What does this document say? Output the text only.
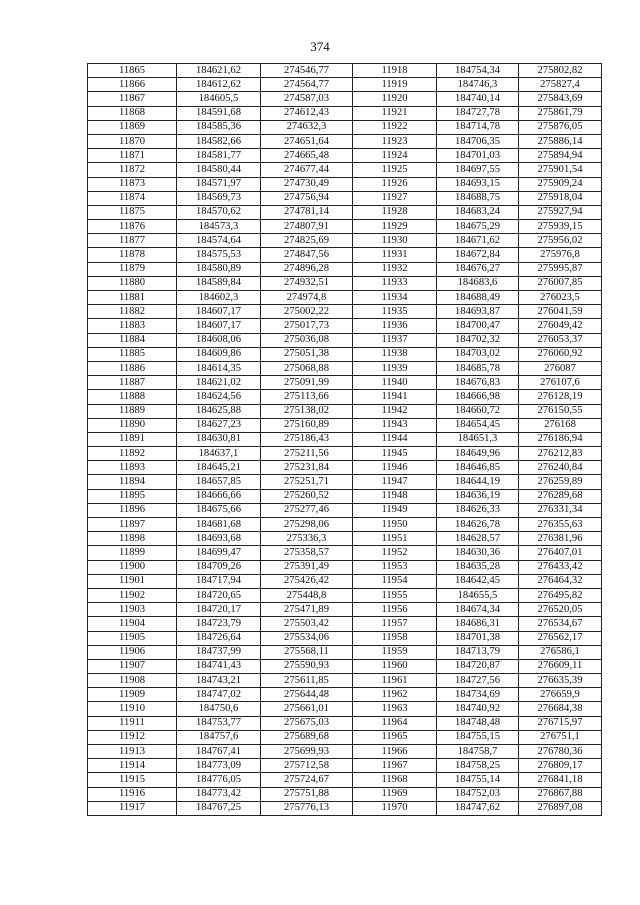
374
11865	184621,62	274546,77	11918	184754,34	275802,82
11866	184612,62	274564,77	11919	184746,3	275827,4
11867	184605,5	274587,03	11920	184740,14	275843,69
11868	184591,68	274612,43	11921	184727,78	275861,79
11869	184585,36	274632,3	11922	184714,78	275876,05
11870	184582,66	274651,64	11923	184706,35	275886,14
11871	184581,77	274665,48	11924	184701,03	275894,94
11872	184580,44	274677,44	11925	184697,55	275901,54
11873	184571,97	274730,49	11926	184693,15	275909,24
11874	184569,73	274756,94	11927	184688,75	275918,04
11875	184570,62	274781,14	11928	184683,24	275927,94
11876	184573,3	274807,91	11929	184675,29	275939,15
11877	184574,64	274825,69	11930	184671,62	275956,02
11878	184575,53	274847,56	11931	184672,84	275976,8
11879	184580,89	274896,28	11932	184676,27	275995,87
11880	184589,84	274932,51	11933	184683,6	276007,85
11881	184602,3	274974,8	11934	184688,49	276023,5
11882	184607,17	275002,22	11935	184693,87	276041,59
11883	184607,17	275017,73	11936	184700,47	276049,42
11884	184608,06	275036,08	11937	184702,32	276053,37
11885	184609,86	275051,38	11938	184703,02	276060,92
11886	184614,35	275068,88	11939	184685,78	276087
11887	184621,02	275091,99	11940	184676,83	276107,6
11888	184624,56	275113,66	11941	184666,98	276128,19
11889	184625,88	275138,02	11942	184660,72	276150,55
11890	184627,23	275160,89	11943	184654,45	276168
11891	184630,81	275186,43	11944	184651,3	276186,94
11892	184637,1	275211,56	11945	184649,96	276212,83
11893	184645,21	275231,84	11946	184646,85	276240,84
11894	184657,85	275251,71	11947	184644,19	276259,89
11895	184666,66	275260,52	11948	184636,19	276289,68
11896	184675,66	275277,46	11949	184626,33	276331,34
11897	184681,68	275298,06	11950	184626,78	276355,63
11898	184693,68	275336,3	11951	184628,57	276381,96
11899	184699,47	275358,57	11952	184630,36	276407,01
11900	184709,26	275391,49	11953	184635,28	276433,42
11901	184717,94	275426,42	11954	184642,45	276464,32
11902	184720,65	275448,8	11955	184655,5	276495,82
11903	184720,17	275471,89	11956	184674,34	276520,05
11904	184723,79	275503,42	11957	184686,31	276534,67
11905	184726,64	275534,06	11958	184701,38	276562,17
11906	184737,99	275568,11	11959	184713,79	276586,1
11907	184741,43	275590,93	11960	184720,87	276609,11
11908	184743,21	275611,85	11961	184727,56	276635,39
11909	184747,02	275644,48	11962	184734,69	276659,9
11910	184750,6	275661,01	11963	184740,92	276684,38
11911	184753,77	275675,03	11964	184748,48	276715,97
11912	184757,6	275689,68	11965	184755,15	276751,1
11913	184767,41	275699,93	11966	184758,7	276780,36
11914	184773,09	275712,58	11967	184758,25	276809,17
11915	184776,05	275724,67	11968	184755,14	276841,18
11916	184773,42	275751,88	11969	184752,03	276867,88
11917	184767,25	275776,13	11970	184747,62	276897,08
